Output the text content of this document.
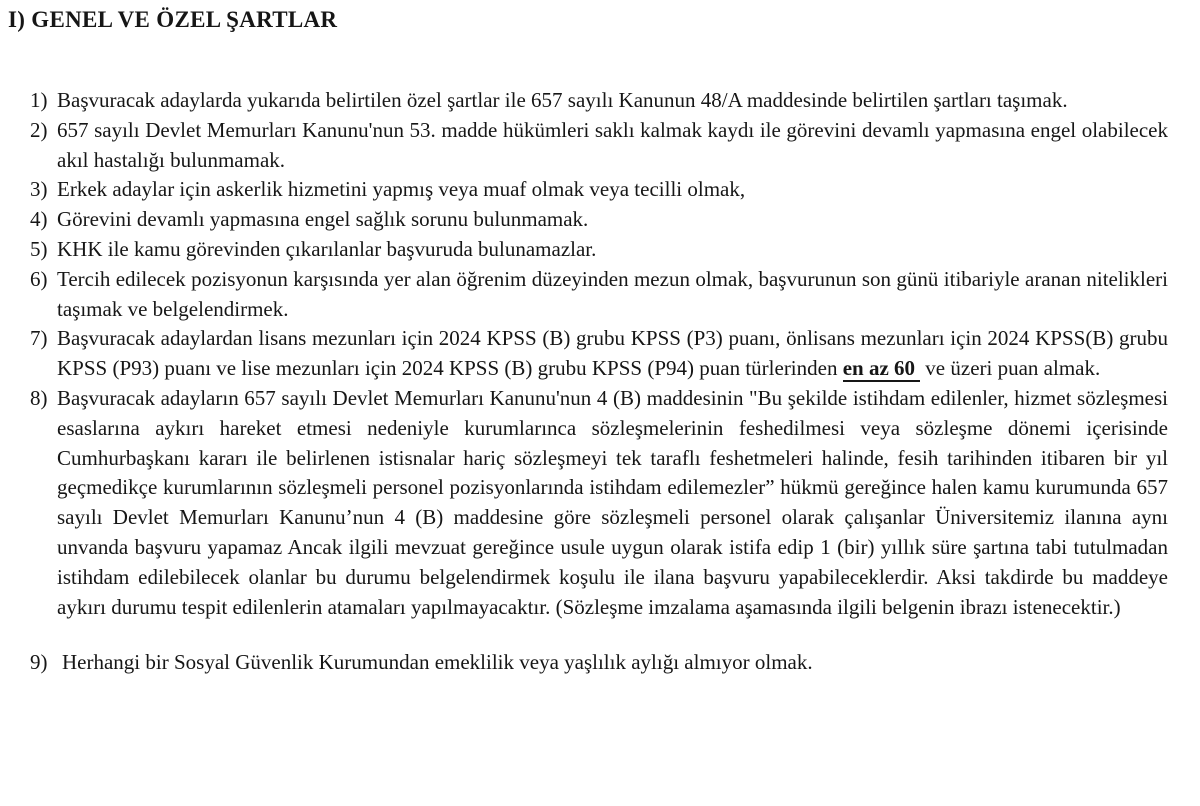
I) GENEL VE ÖZEL ŞARTLAR
1) Başvuracak adaylarda yukarıda belirtilen özel şartlar ile 657 sayılı Kanunun 48/A maddesinde belirtilen şartları taşımak.
2) 657 sayılı Devlet Memurları Kanunu'nun 53. madde hükümleri saklı kalmak kaydı ile görevini devamlı yapmasına engel olabilecek akıl hastalığı bulunmamak.
3) Erkek adaylar için askerlik hizmetini yapmış veya muaf olmak veya tecilli olmak,
4) Görevini devamlı yapmasına engel sağlık sorunu bulunmamak.
5) KHK ile kamu görevinden çıkarılanlar başvuruda bulunamazlar.
6) Tercih edilecek pozisyonun karşısında yer alan öğrenim düzeyinden mezun olmak, başvurunun son günü itibariyle aranan nitelikleri taşımak ve belgelendirmek.
7) Başvuracak adaylardan lisans mezunları için 2024 KPSS (B) grubu KPSS (P3) puanı, önlisans mezunları için 2024 KPSS(B) grubu KPSS (P93) puanı ve lise mezunları için 2024 KPSS (B) grubu KPSS (P94) puan türlerinden en az 60 ve üzeri puan almak.
8) Başvuracak adayların 657 sayılı Devlet Memurları Kanunu'nun 4 (B) maddesinin "Bu şekilde istihdam edilenler, hizmet sözleşmesi esaslarına aykırı hareket etmesi nedeniyle kurumlarınca sözleşmelerinin feshedilmesi veya sözleşme dönemi içerisinde Cumhurbaşkanı kararı ile belirlenen istisnalar hariç sözleşmeyi tek taraflı feshetmeleri halinde, fesih tarihinden itibaren bir yıl geçmedikçe kurumlarının sözleşmeli personel pozisyonlarında istihdam edilemezler” hükmü gereğince halen kamu kurumunda 657 sayılı Devlet Memurları Kanunu’nun 4 (B) maddesine göre sözleşmeli personel olarak çalışanlar Üniversitemiz ilanına aynı unvanda başvuru yapamaz Ancak ilgili mevzuat gereğince usule uygun olarak istifa edip 1 (bir) yıllık süre şartına tabi tutulmadan istihdam edilebilecek olanlar bu durumu belgelendirmek koşulu ile ilana başvuru yapabileceklerdir. Aksi takdirde bu maddeye aykırı durumu tespit edilenlerin atamaları yapılmayacaktır. (Sözleşme imzalama aşamasında ilgili belgenin ibrazı istenecektir.)
9) Herhangi bir Sosyal Güvenlik Kurumundan emeklilik veya yaşlılık aylığı almıyor olmak.
